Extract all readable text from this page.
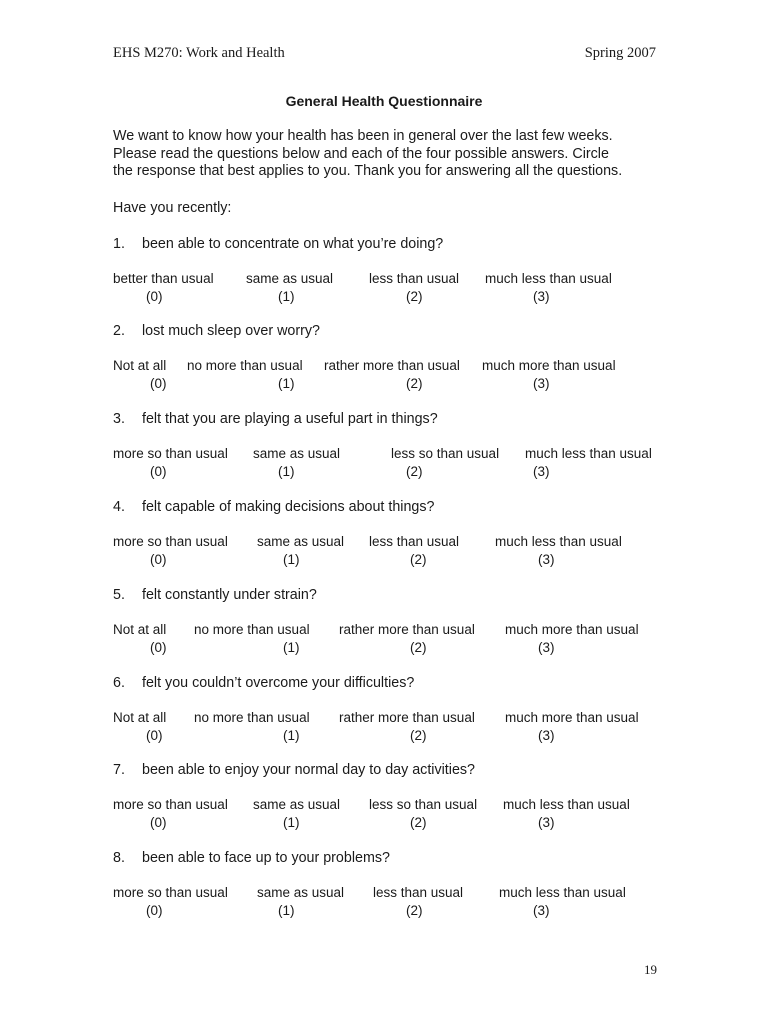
EHS M270: Work and Health	Spring 2007
General Health Questionnaire
We want to know how your health has been in general over the last few weeks.
Please read the questions below and each of the four possible answers. Circle
the response that best applies to you. Thank you for answering all the questions.
Have you recently:
1. been able to concentrate on what you’re doing?
better than usual
(0)
same as usual
(1)
less than usual
(2)
much less than usual
(3)
2. lost much sleep over worry?
Not at all
(0)
no more than usual
(1)
rather more than usual
(2)
much more than usual
(3)
3. felt that you are playing a useful part in things?
more so than usual
(0)
same as usual
(1)
less so than usual
(2)
much less than usual
(3)
4. felt capable of making decisions about things?
more so than usual
(0)
same as usual
(1)
less than usual
(2)
much less than usual
(3)
5. felt constantly under strain?
Not at all
(0)
no more than usual
(1)
rather more than usual
(2)
much more than usual
(3)
6. felt you couldn’t overcome your difficulties?
Not at all
(0)
no more than usual
(1)
rather more than usual
(2)
much more than usual
(3)
7. been able to enjoy your normal day to day activities?
more so than usual
(0)
same as usual
(1)
less so than usual
(2)
much less than usual
(3)
8. been able to face up to your problems?
more so than usual
(0)
same as usual
(1)
less than usual
(2)
much less than usual
(3)
19
